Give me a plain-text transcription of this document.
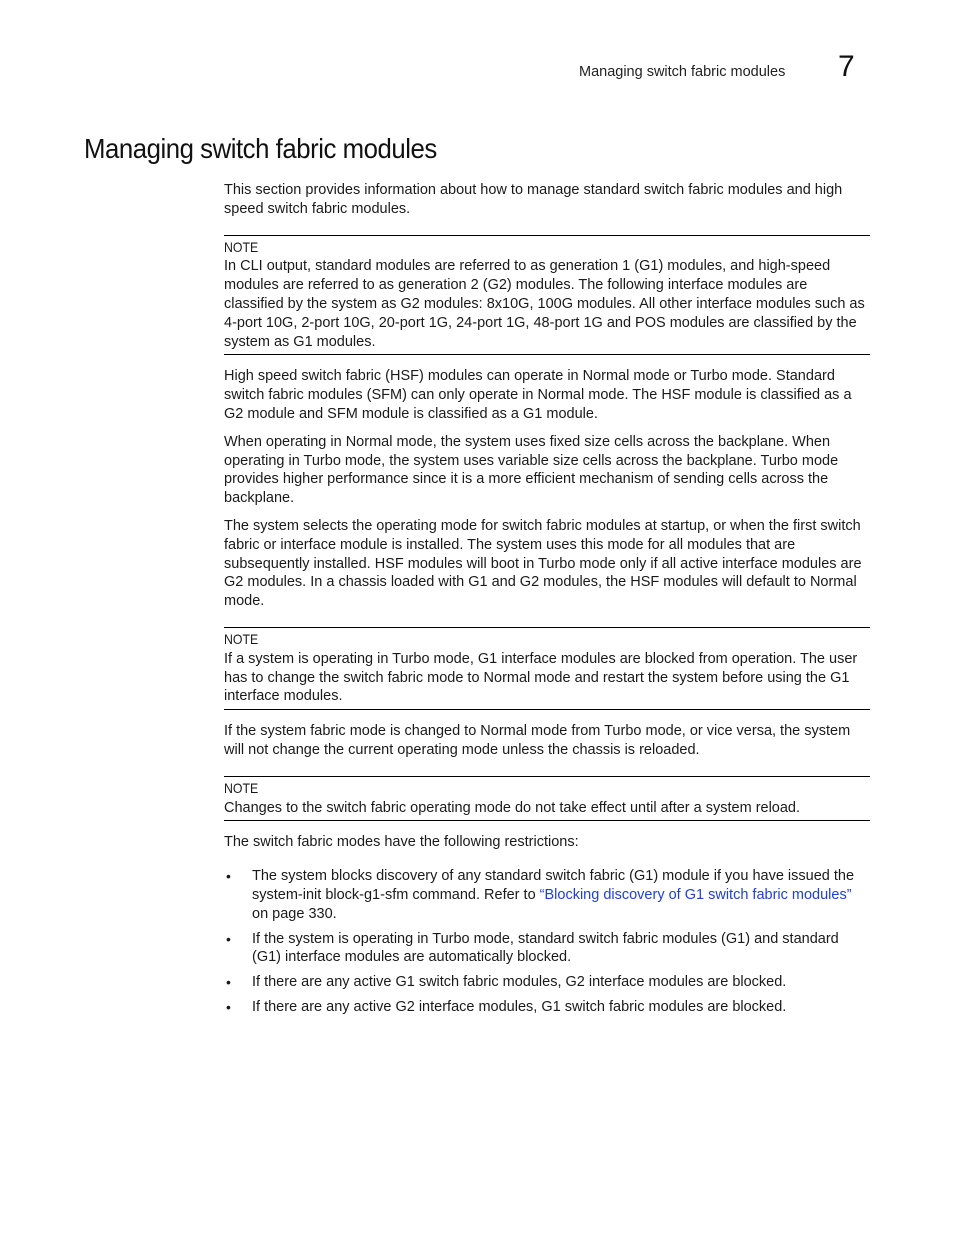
Managing switch fabric modules 7
Managing switch fabric modules

This section provides information about how to manage standard switch fabric modules and high speed switch fabric modules.

NOTE
In CLI output, standard modules are referred to as generation 1 (G1) modules, and high-speed modules are referred to as generation 2 (G2) modules. The following interface modules are classified by the system as G2 modules: 8x10G, 100G modules. All other interface modules such as 4-port 10G, 2-port 10G, 20-port 1G, 24-port 1G, 48-port 1G and POS modules are classified by the system as G1 modules.

High speed switch fabric (HSF) modules can operate in Normal mode or Turbo mode. Standard switch fabric modules (SFM) can only operate in Normal mode. The HSF module is classified as a G2 module and SFM module is classified as a G1 module.

When operating in Normal mode, the system uses fixed size cells across the backplane. When operating in Turbo mode, the system uses variable size cells across the backplane. Turbo mode provides higher performance since it is a more efficient mechanism of sending cells across the backplane.

The system selects the operating mode for switch fabric modules at startup, or when the first switch fabric or interface module is installed. The system uses this mode for all modules that are subsequently installed. HSF modules will boot in Turbo mode only if all active interface modules are G2 modules. In a chassis loaded with G1 and G2 modules, the HSF modules will default to Normal mode.

NOTE
If a system is operating in Turbo mode, G1 interface modules are blocked from operation. The user has to change the switch fabric mode to Normal mode and restart the system before using the G1 interface modules.

If the system fabric mode is changed to Normal mode from Turbo mode, or vice versa, the system will not change the current operating mode unless the chassis is reloaded.

NOTE
Changes to the switch fabric operating mode do not take effect until after a system reload.

The switch fabric modes have the following restrictions:

• The system blocks discovery of any standard switch fabric (G1) module if you have issued the system-init block-g1-sfm command. Refer to “Blocking discovery of G1 switch fabric modules” on page 330.
• If the system is operating in Turbo mode, standard switch fabric modules (G1) and standard (G1) interface modules are automatically blocked.
• If there are any active G1 switch fabric modules, G2 interface modules are blocked.
• If there are any active G2 interface modules, G1 switch fabric modules are blocked.
